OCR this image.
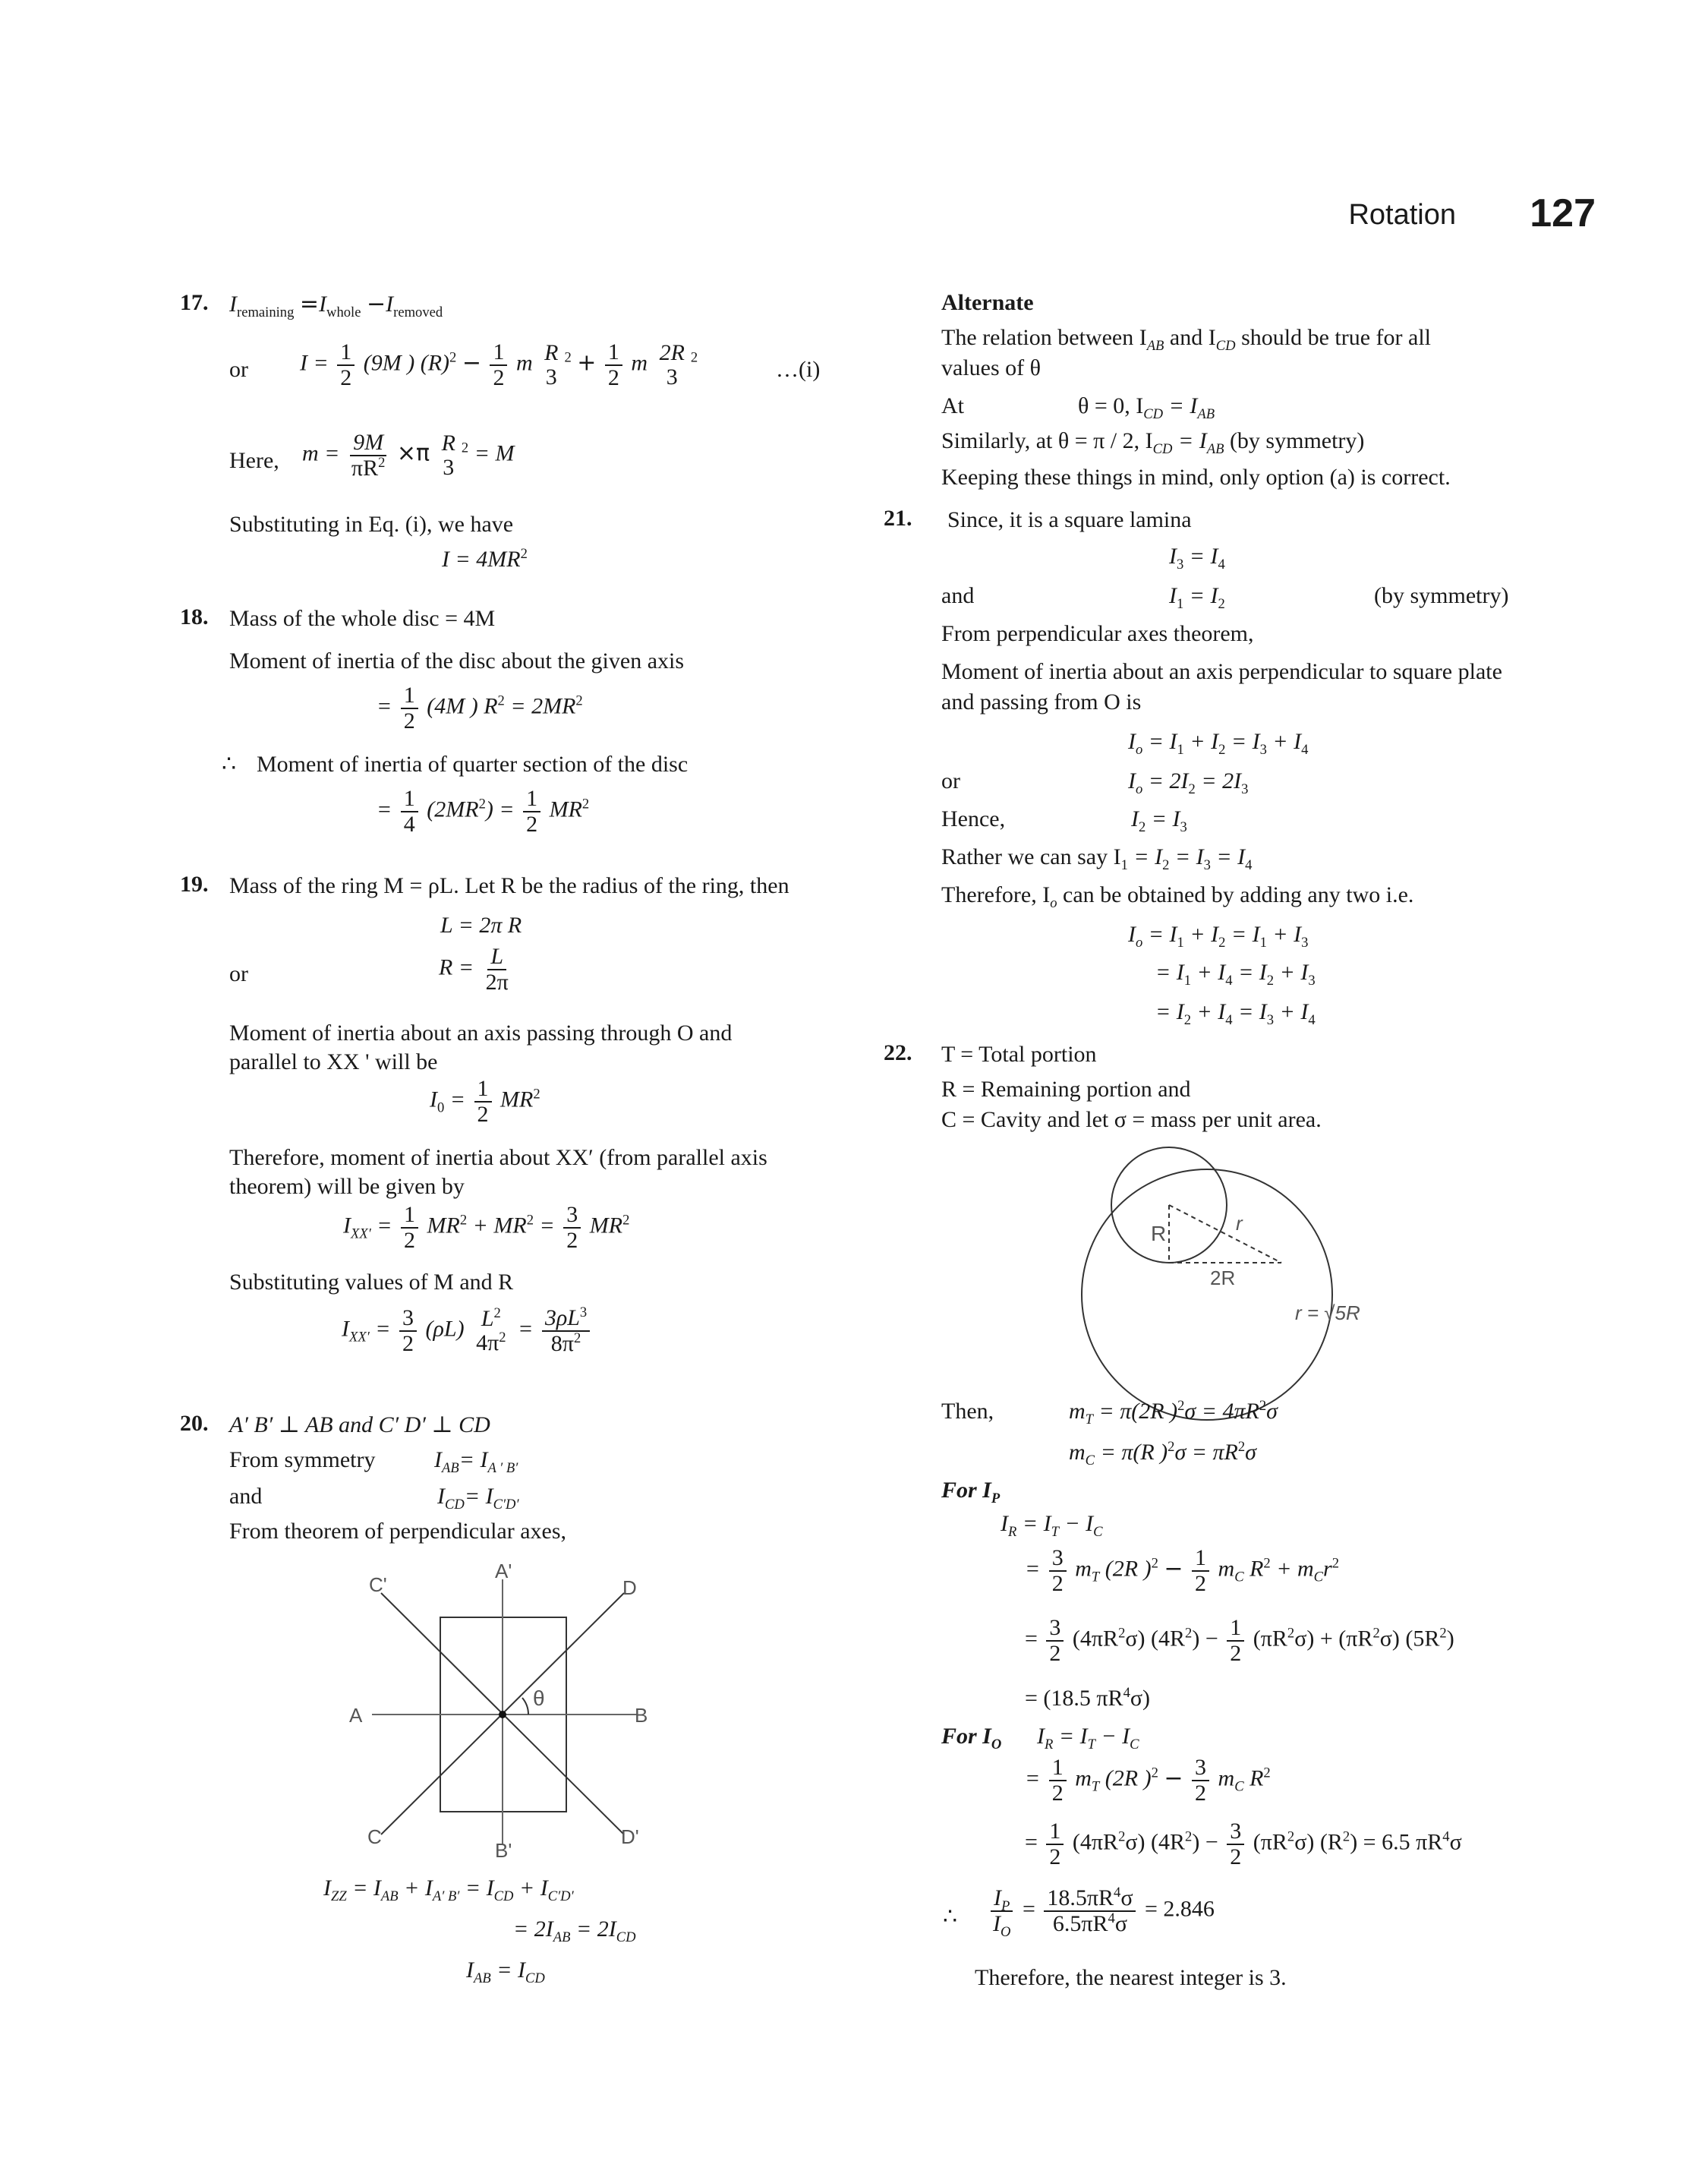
Rotation 127
17. $I_{remaining} =I_{whole} -I_{removed}$
or $I = \frac{1}{2} (9M$ ) $(R)^2 - \frac{1}{2}$ m R
3
$^2 + \frac{1}{2}$ m 2R
3
$^2$	…(i)
Here, $m = \frac{9M}{\pi R^2} \times\pi$ R
3
$^2$ = M
Substituting in Eq. (i), we have
$I = 4MR^2$
18. Mass of the whole disc = 4M
Moment of inertia of the disc about the given axis
= $\frac{1}{2} (4M$ ) $R^2 = 2MR^2$
∴ Moment of inertia of quarter section of the disc
= $\frac{1}{4} (2MR^2) = \frac{1}{2} MR^2$
19. Mass of the ring M = ρL. Let R be the radius of the ring, then
L = 2π R
or	$R = \frac{L}{2\pi}$
Moment of inertia about an axis passing through O and
parallel to XX ' will be
$I_0 = \frac{1}{2} MR^2$
Therefore, moment of inertia about XX′ (from parallel axis
theorem) will be given by
$I_{XX'} = \frac{1}{2} MR^2 + MR^2 = \frac{3}{2} MR^2$
Substituting values of M and R
$I_{XX'} = \frac{3}{2} (\rho L)$ $L^2$
$4\pi^2 = \frac{3\rho L^3}{8\pi^2}$
20. A′ B′ ⊥ AB and C′ D′ ⊥ CD
From symmetry	$I_{AB}= I_{A ' B'}$
and	$I_{CD}= I_{C'D'}$
From theorem of perpendicular axes,
C'
A'
D
A	B
θ
C
B'
D'
$I_{ZZ} = I_{AB} + I_{A' B'} = I_{CD} + I_{C'D'}$
= $2I_{AB} = 2I_{CD}$
$I_{AB} = I_{CD}$
Alternate
The relation between $I_{AB}$ and $I_{CD}$ should be true for all
values of θ
At	θ = 0, $I_{CD} = I_{AB}$
Similarly, at θ = π / 2, $I_{CD} = I_{AB}$ (by symmetry)
Keeping these things in mind, only option (a) is correct.
21. Since, it is a square lamina
$I_3 = I_4$
and	$I_1 = I_2$	(by symmetry)
From perpendicular axes theorem,
Moment of inertia about an axis perpendicular to square plate
and passing from O is
$I_o = I_1 + I_2 = I_3 + I_4$
or	$I_o = 2I_2 = 2I_3$
Hence,	$I_2 = I_3$
Rather we can say $I_1 = I_2 = I_3 = I_4$
Therefore, $I_o$ can be obtained by adding any two i.e.
$I_o = I_1 + I_2 = I_1 + I_3$
= $I_1 + I_4 = I_2 + I_3$
= $I_2 + I_4 = I_3 + I_4$
22. T = Total portion
R = Remaining portion and
C = Cavity and let σ = mass per unit area.
R	r
2R
r = √5R
Then,	$m_T = \pi(2R$ )$^2\sigma = 4\pi R^2\sigma$
$m_C = \pi(R$ )$^2\sigma = \pi R^2\sigma$
For $I_P$
$I_R = I_T - I_C$
= $\frac{3}{2} m_T$ (2R )$^2 - \frac{1}{2} m_C$ $R^2 + m_Cr^2$
= $\frac{3}{2} (4\pi R^2\sigma) (4R^2) - \frac{1}{2} (\pi R^2\sigma) + (\pi R^2\sigma)$ $(5R^2)$
= (18.5 $\pi R^4\sigma$)
For $I_O$ $I_R = I_T - I_C$
= $\frac{1}{2} m_T$ (2R )$^2 - \frac{3}{2} m_C$ $R^2$
= $\frac{1}{2} (4\pi R^2\sigma) (4R^2) - \frac{3}{2} (\pi R^2\sigma) (R^2) = 6.5$ $\pi R^4\sigma$
∴ $\frac{I_P}{I_O} = \frac{18.5\pi R^4\sigma}{6.5\pi R^4\sigma} = 2.846$
Therefore, the nearest integer is 3.
